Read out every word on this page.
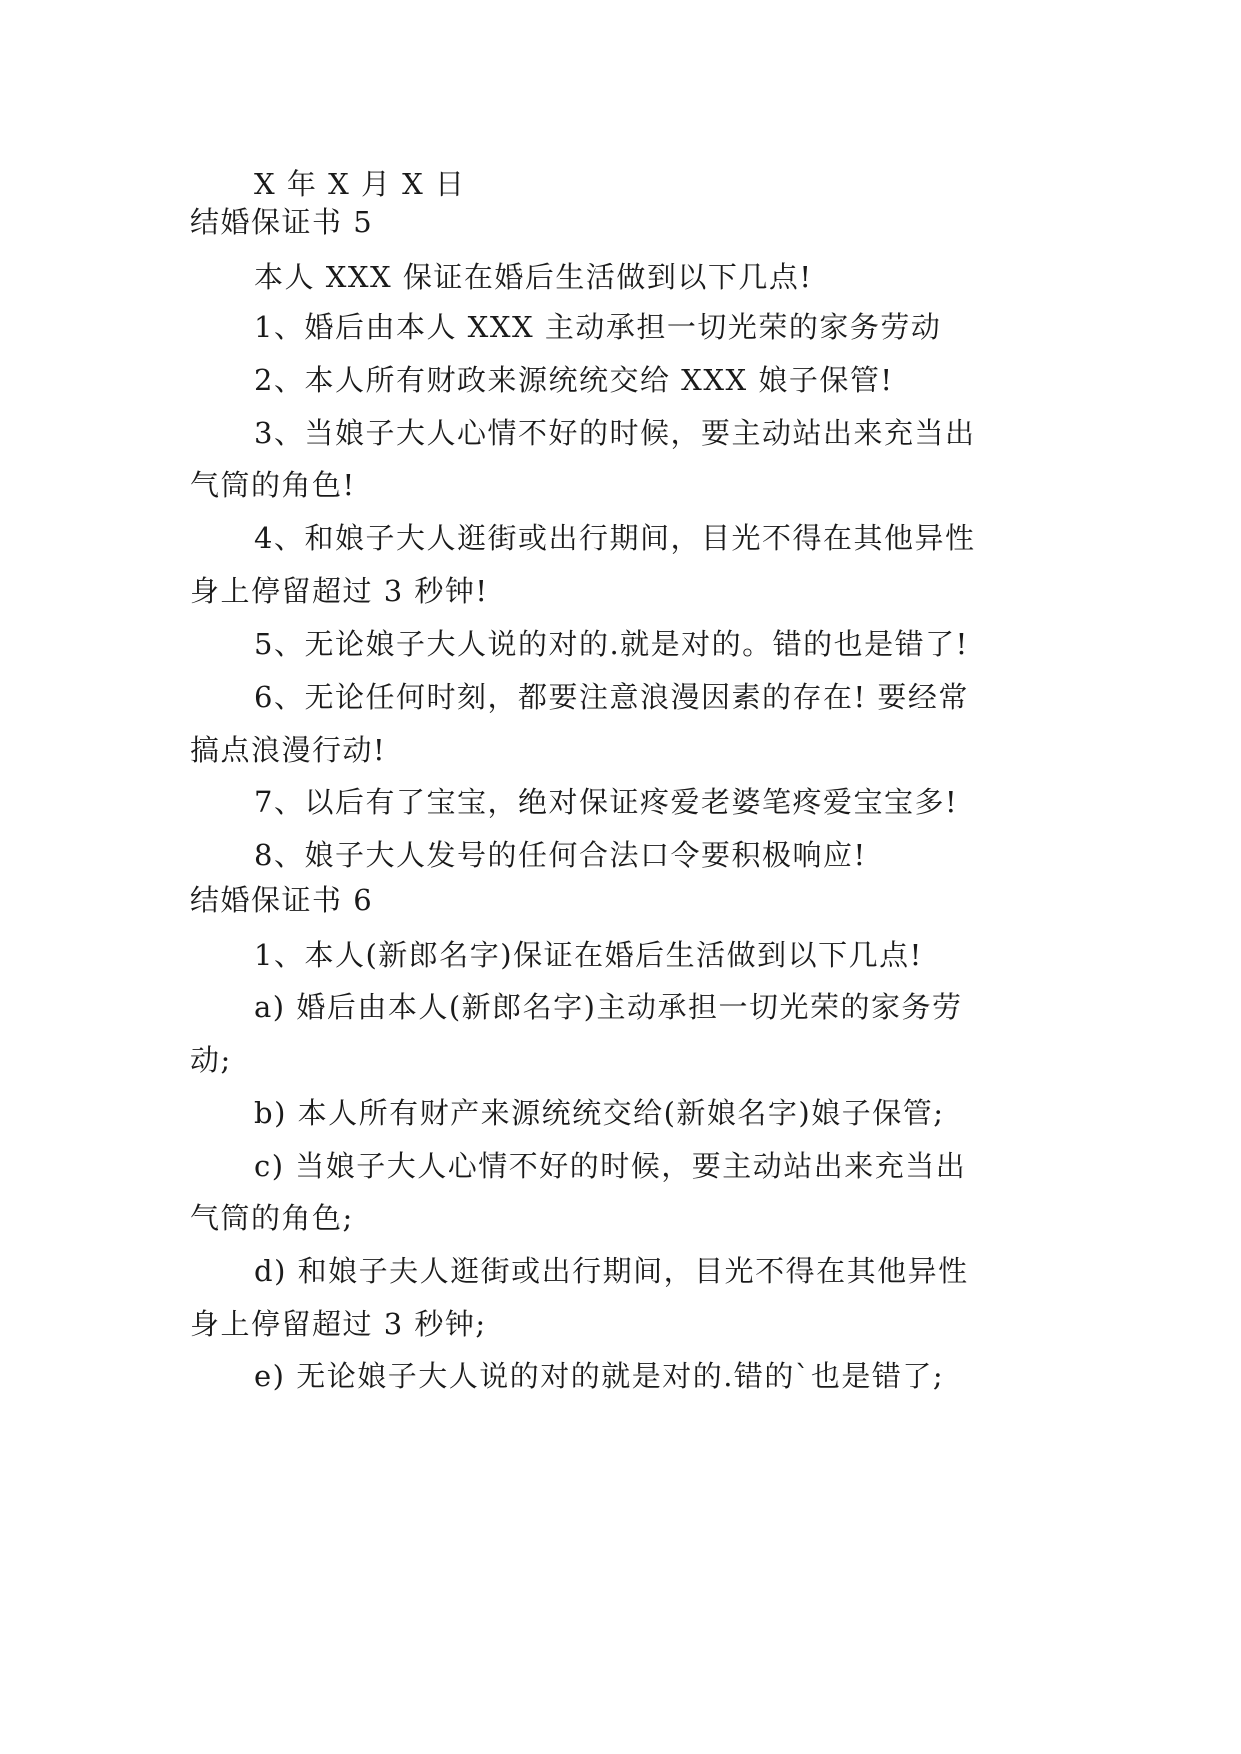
X 年 X 月 X 日
结婚保证书 5
本人 XXX 保证在婚后生活做到以下几点!
1、婚后由本人 XXX 主动承担一切光荣的家务劳动
2、本人所有财政来源统统交给 XXX 娘子保管!
3、当娘子大人心情不好的时候，要主动站出来充当出
气筒的角色!
4、和娘子大人逛街或出行期间，目光不得在其他异性
身上停留超过 3 秒钟!
5、无论娘子大人说的对的.就是对的。错的也是错了!
6、无论任何时刻，都要注意浪漫因素的存在! 要经常
搞点浪漫行动!
7、以后有了宝宝，绝对保证疼爱老婆笔疼爱宝宝多!
8、娘子大人发号的任何合法口令要积极响应!
结婚保证书 6
1、本人(新郎名字)保证在婚后生活做到以下几点!
a) 婚后由本人(新郎名字)主动承担一切光荣的家务劳
动;
b) 本人所有财产来源统统交给(新娘名字)娘子保管;
c) 当娘子大人心情不好的时候，要主动站出来充当出
气筒的角色;
d) 和娘子夫人逛街或出行期间，目光不得在其他异性
身上停留超过 3 秒钟;
e) 无论娘子大人说的对的就是对的.错的`也是错了;
